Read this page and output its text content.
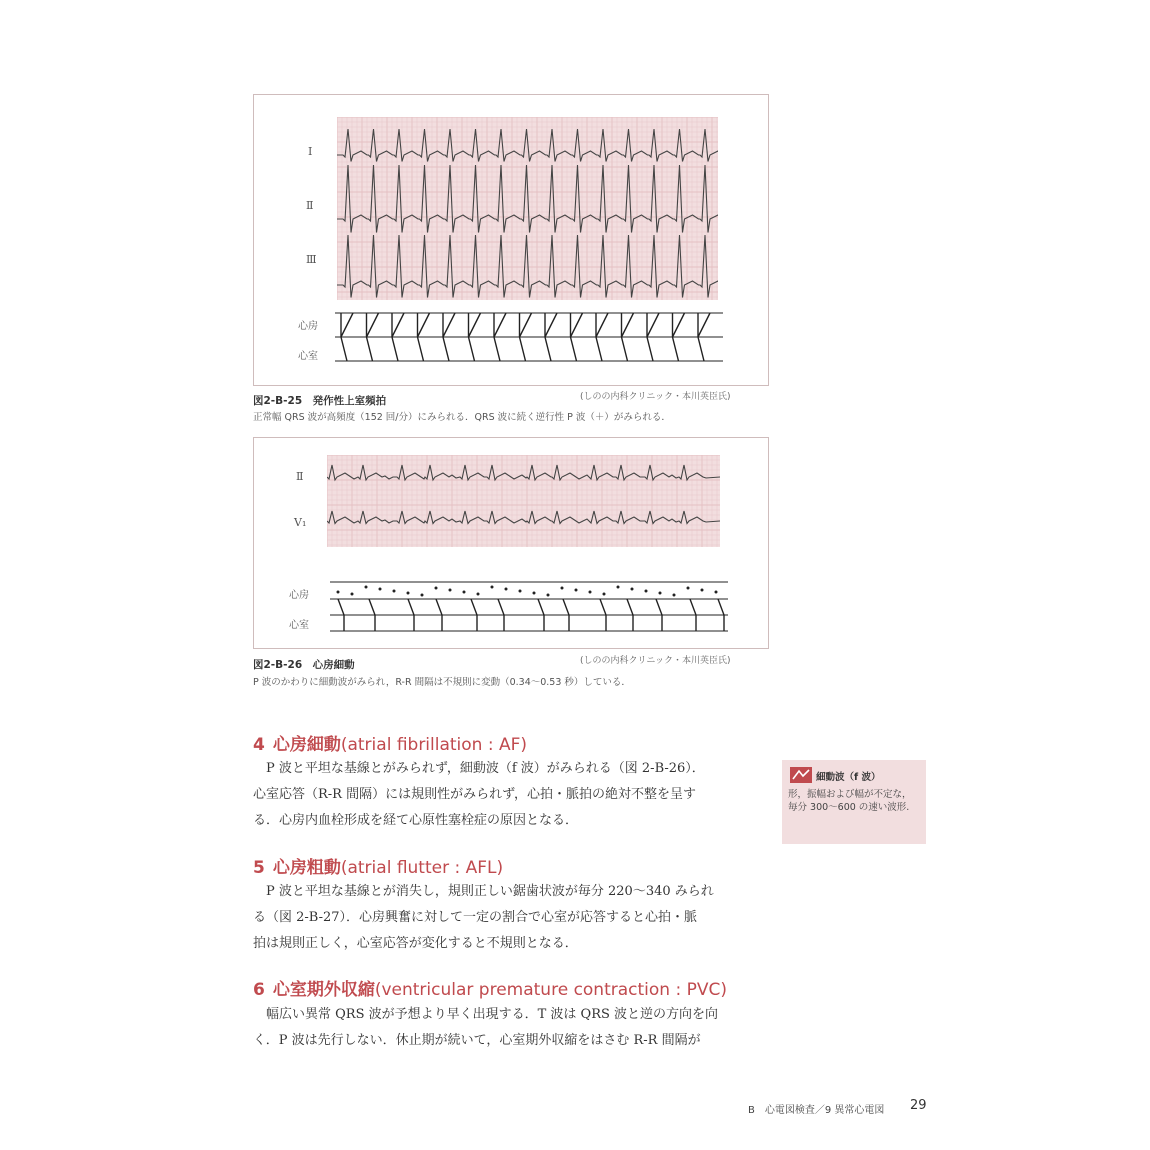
I
Ⅱ
Ⅲ
心房
心室
図2-B-25　発作性上室頻拍	(しのの内科クリニック・本川英臣氏)
正常幅 QRS 波が高頻度（152 回/分）にみられる．QRS 波に続く逆行性 P 波（＋）がみられる．
Ⅱ
V₁
心房
心室
図2-B-26　心房細動	(しのの内科クリニック・本川英臣氏)
P 波のかわりに細動波がみられ，R-R 間隔は不規則に変動（0.34～0.53 秒）している．
4 心房細動(atrial fibrillation : AF)
　P 波と平坦な基線とがみられず，細動波（f 波）がみられる（図 2-B-26）．
心室応答（R-R 間隔）には規則性がみられず，心拍・脈拍の絶対不整を呈す
る．心房内血栓形成を経て心原性塞栓症の原因となる．
細動波（f 波）
形，振幅および幅が不定な，毎分 300～600 の速い波形.
5 心房粗動(atrial flutter : AFL)
　P 波と平坦な基線とが消失し，規則正しい鋸歯状波が毎分 220～340 みられ
る（図 2-B-27）．心房興奮に対して一定の割合で心室が応答すると心拍・脈
拍は規則正しく，心室応答が変化すると不規則となる．
6 心室期外収縮(ventricular premature contraction : PVC)
　幅広い異常 QRS 波が予想より早く出現する．T 波は QRS 波と逆の方向を向
く．P 波は先行しない．休止期が続いて，心室期外収縮をはさむ R-R 間隔が
B　心電図検査／9 異常心電図 29
